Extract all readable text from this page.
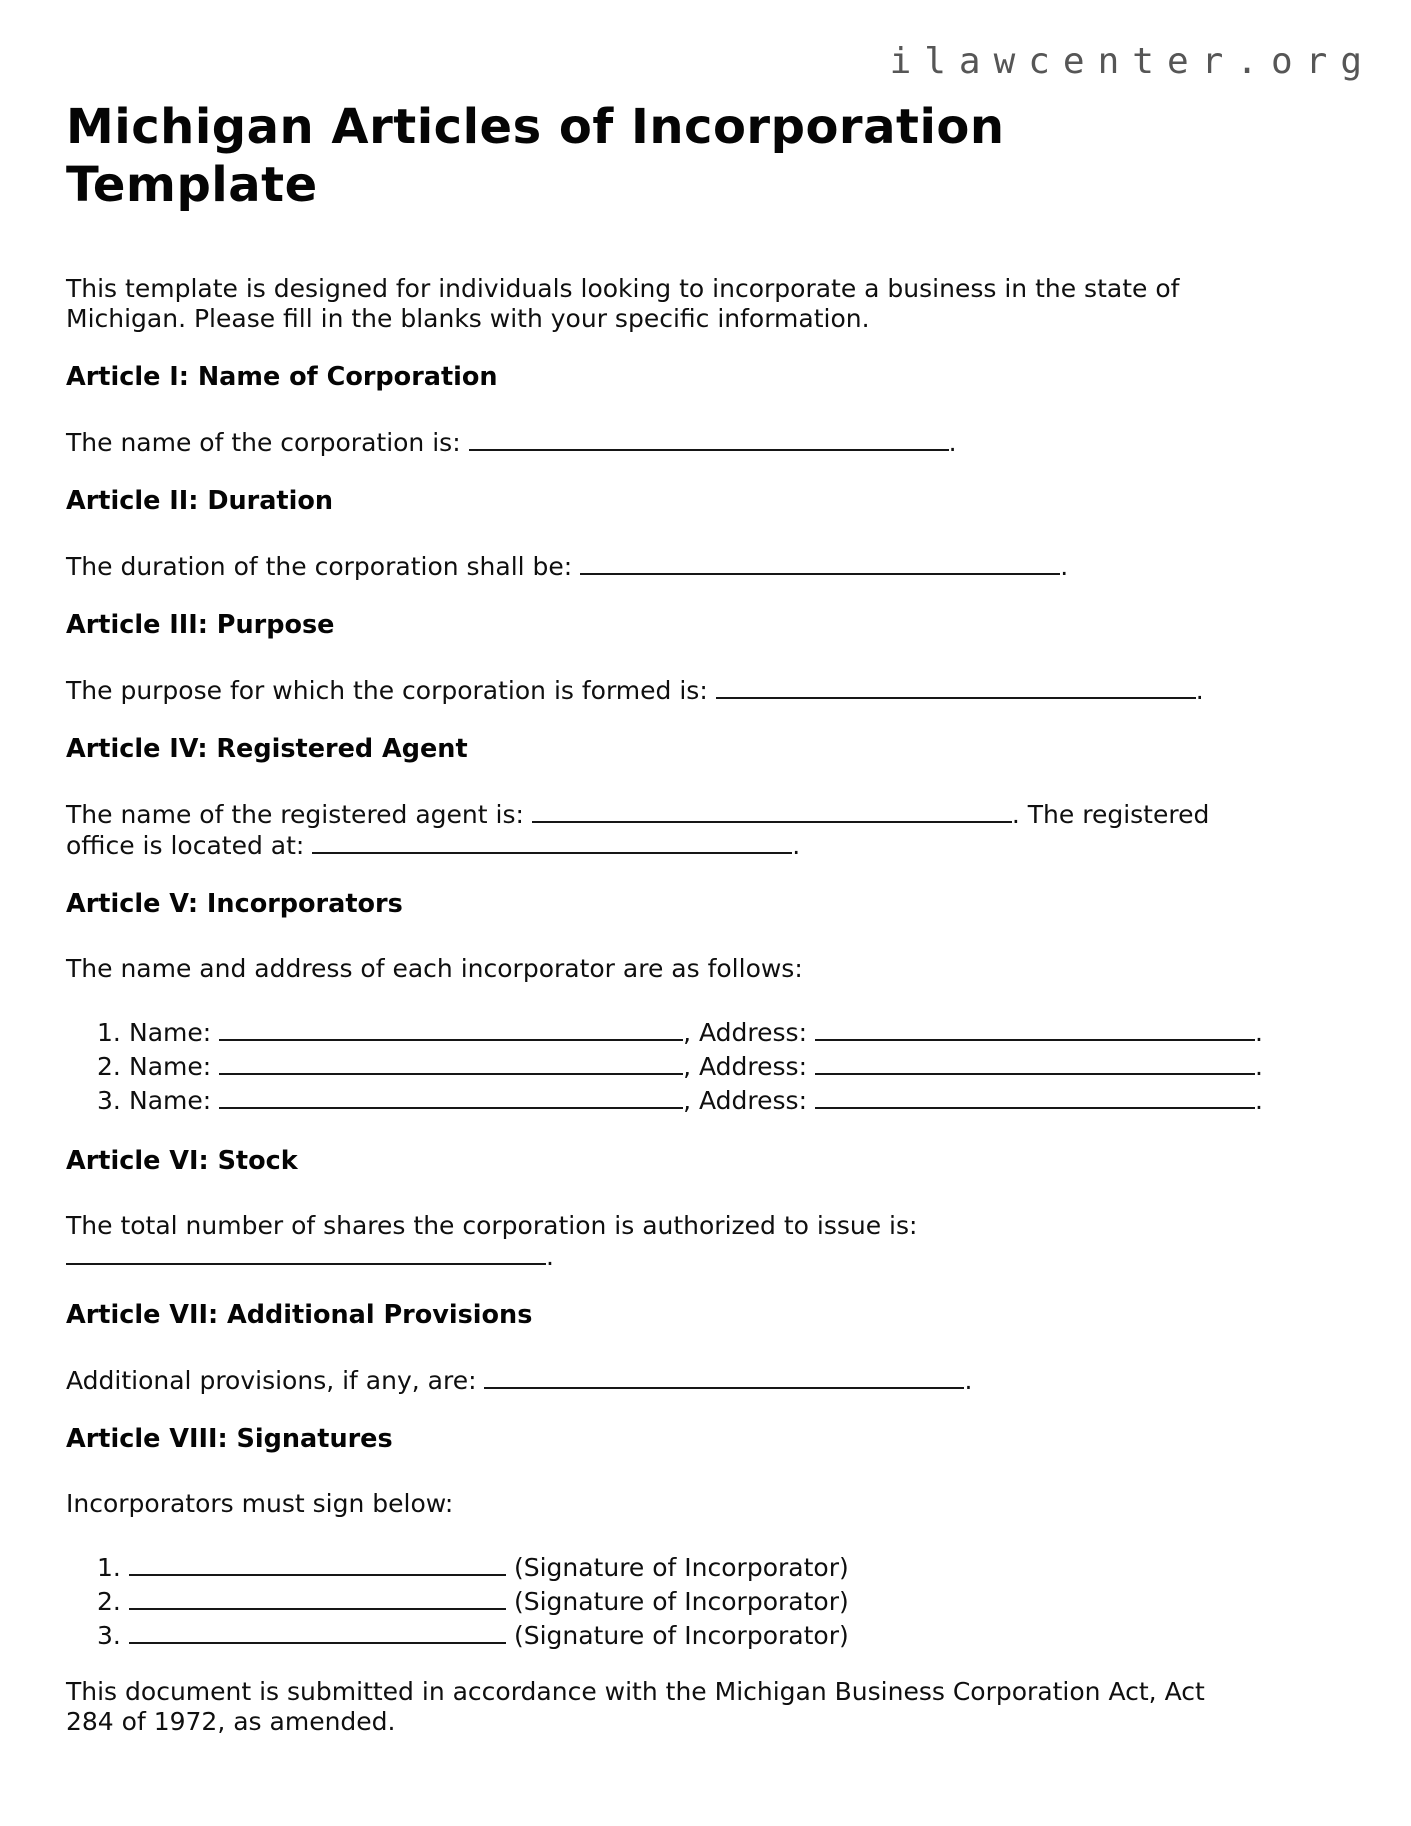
ilawcenter.org
Michigan Articles of Incorporation
Template
This template is designed for individuals looking to incorporate a business in the state of
Michigan. Please fill in the blanks with your specific information.
Article I: Name of Corporation
The name of the corporation is:	.
Article II: Duration
The duration of the corporation shall be:	.
Article III: Purpose
The purpose for which the corporation is formed is:	.
Article IV: Registered Agent
The name of the registered agent is:	. The registered
office is located at:	.
Article V: Incorporators
The name and address of each incorporator are as follows:
1. Name:	, Address:	.
2. Name:	, Address:	.
3. Name:	, Address:	.
Article VI: Stock
The total number of shares the corporation is authorized to issue is:
.
Article VII: Additional Provisions
Additional provisions, if any, are:	.
Article VIII: Signatures
Incorporators must sign below:
1.	(Signature of Incorporator)
2.	(Signature of Incorporator)
3.	(Signature of Incorporator)
This document is submitted in accordance with the Michigan Business Corporation Act, Act
284 of 1972, as amended.
